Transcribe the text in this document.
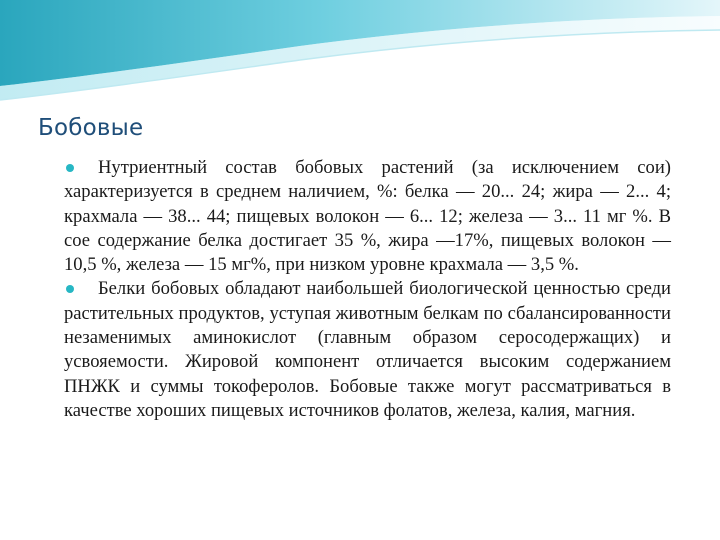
Бобовые
Нутриентный состав бобовых растений (за исключением сои) характеризуется в среднем наличием, %: белка — 20... 24; жира — 2... 4; крахмала — 38... 44; пищевых волокон — 6... 12; железа — 3... 11 мг %. В сое содержание белка достигает 35 %, жира —17%, пищевых волокон — 10,5 %, железа — 15 мг%, при низком уровне крахмала — 3,5 %.
Белки бобовых обладают наибольшей биологической ценностью среди растительных продуктов, уступая животным белкам по сбалансированности незаменимых аминокислот (главным образом серосодержащих) и усвояемости. Жировой компонент отличается высоким содержанием ПНЖК и суммы токоферолов. Бобовые также могут рассматриваться в качестве хороших пищевых источников фолатов, железа, калия, магния.
